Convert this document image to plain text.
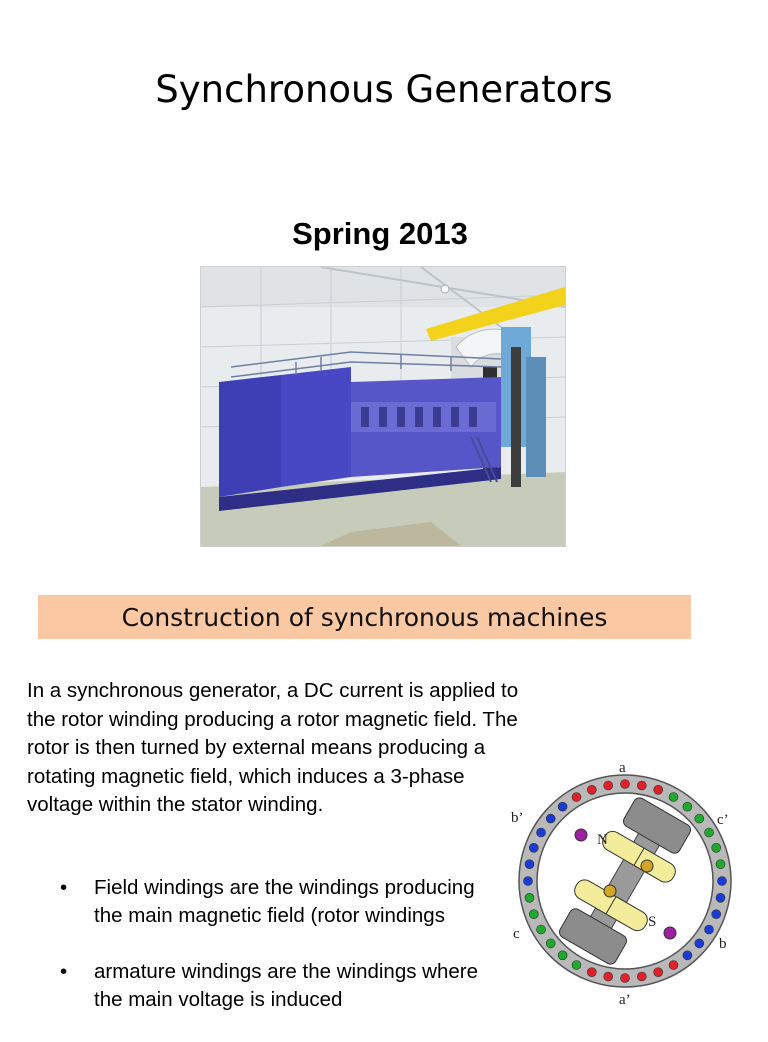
Synchronous Generators
Spring 2013
Construction of synchronous machines
In a synchronous generator, a DC current is applied to the rotor winding producing a rotor magnetic field. The rotor is then turned by external means producing a rotating magnetic field, which induces a 3-phase voltage within the stator winding.
• Field windings are the windings producing the main magnetic field (rotor windings
• armature windings are the windings where the main voltage is induced
a
a’
b’	c’
c
b
N
S
